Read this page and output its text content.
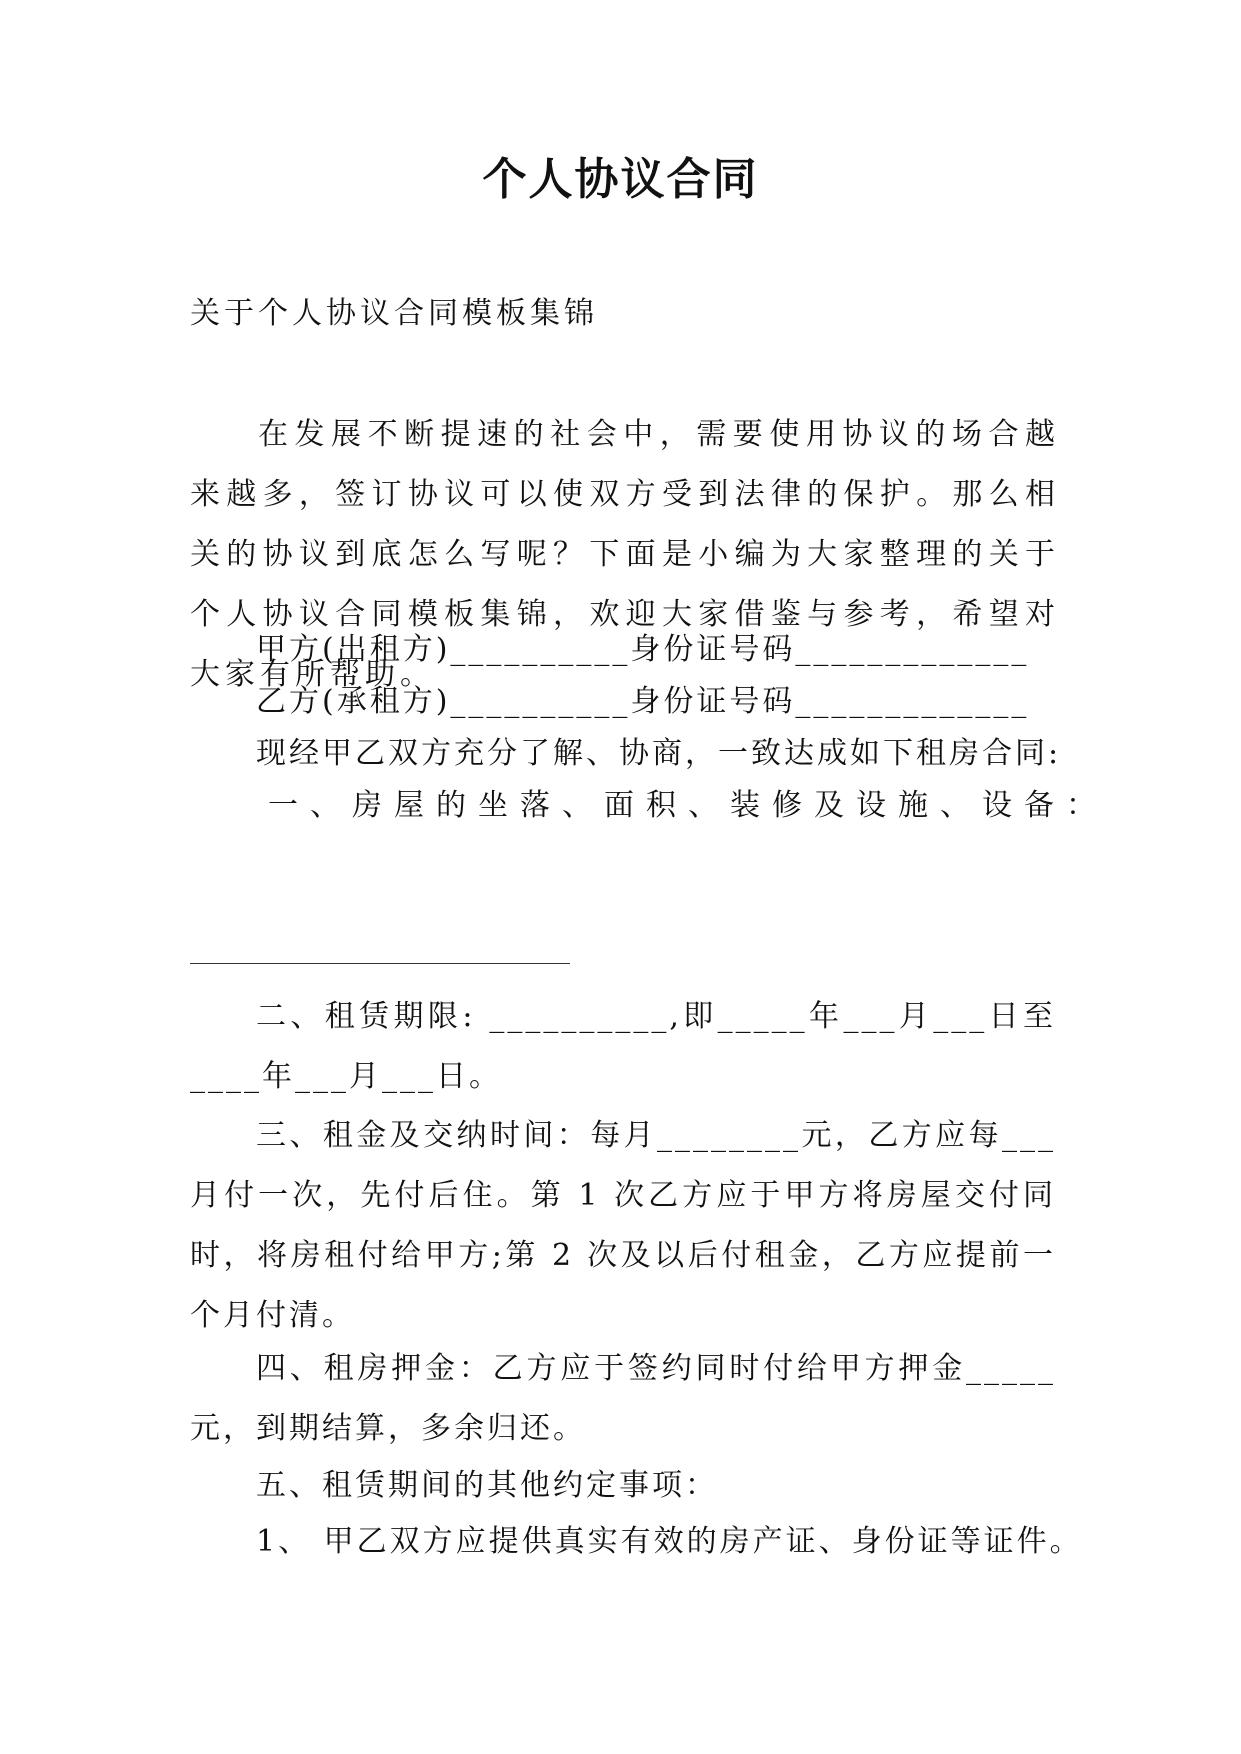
个人协议合同
关于个人协议合同模板集锦
在发展不断提速的社会中，需要使用协议的场合越来越多，签订协议可以使双方受到法律的保护。那么相关的协议到底怎么写呢？下面是小编为大家整理的关于个人协议合同模板集锦，欢迎大家借鉴与参考，希望对大家有所帮助。
甲方(出租方)__________身份证号码_____________
乙方(承租方)__________身份证号码_____________
现经甲乙双方充分了解、协商，一致达成如下租房合同:
一、房屋的坐落、面积、装修及设施、设备：
二、租赁期限: __________,即_____年___月___日至____年___月___日。
三、租金及交纳时间：每月________元，乙方应每___月付一次，先付后住。第 1 次乙方应于甲方将房屋交付同时，将房租付给甲方;第 2 次及以后付租金，乙方应提前一个月付清。
四、租房押金：乙方应于签约同时付给甲方押金_____元，到期结算，多余归还。
五、租赁期间的其他约定事项：
1、 甲乙双方应提供真实有效的房产证、身份证等证件。
